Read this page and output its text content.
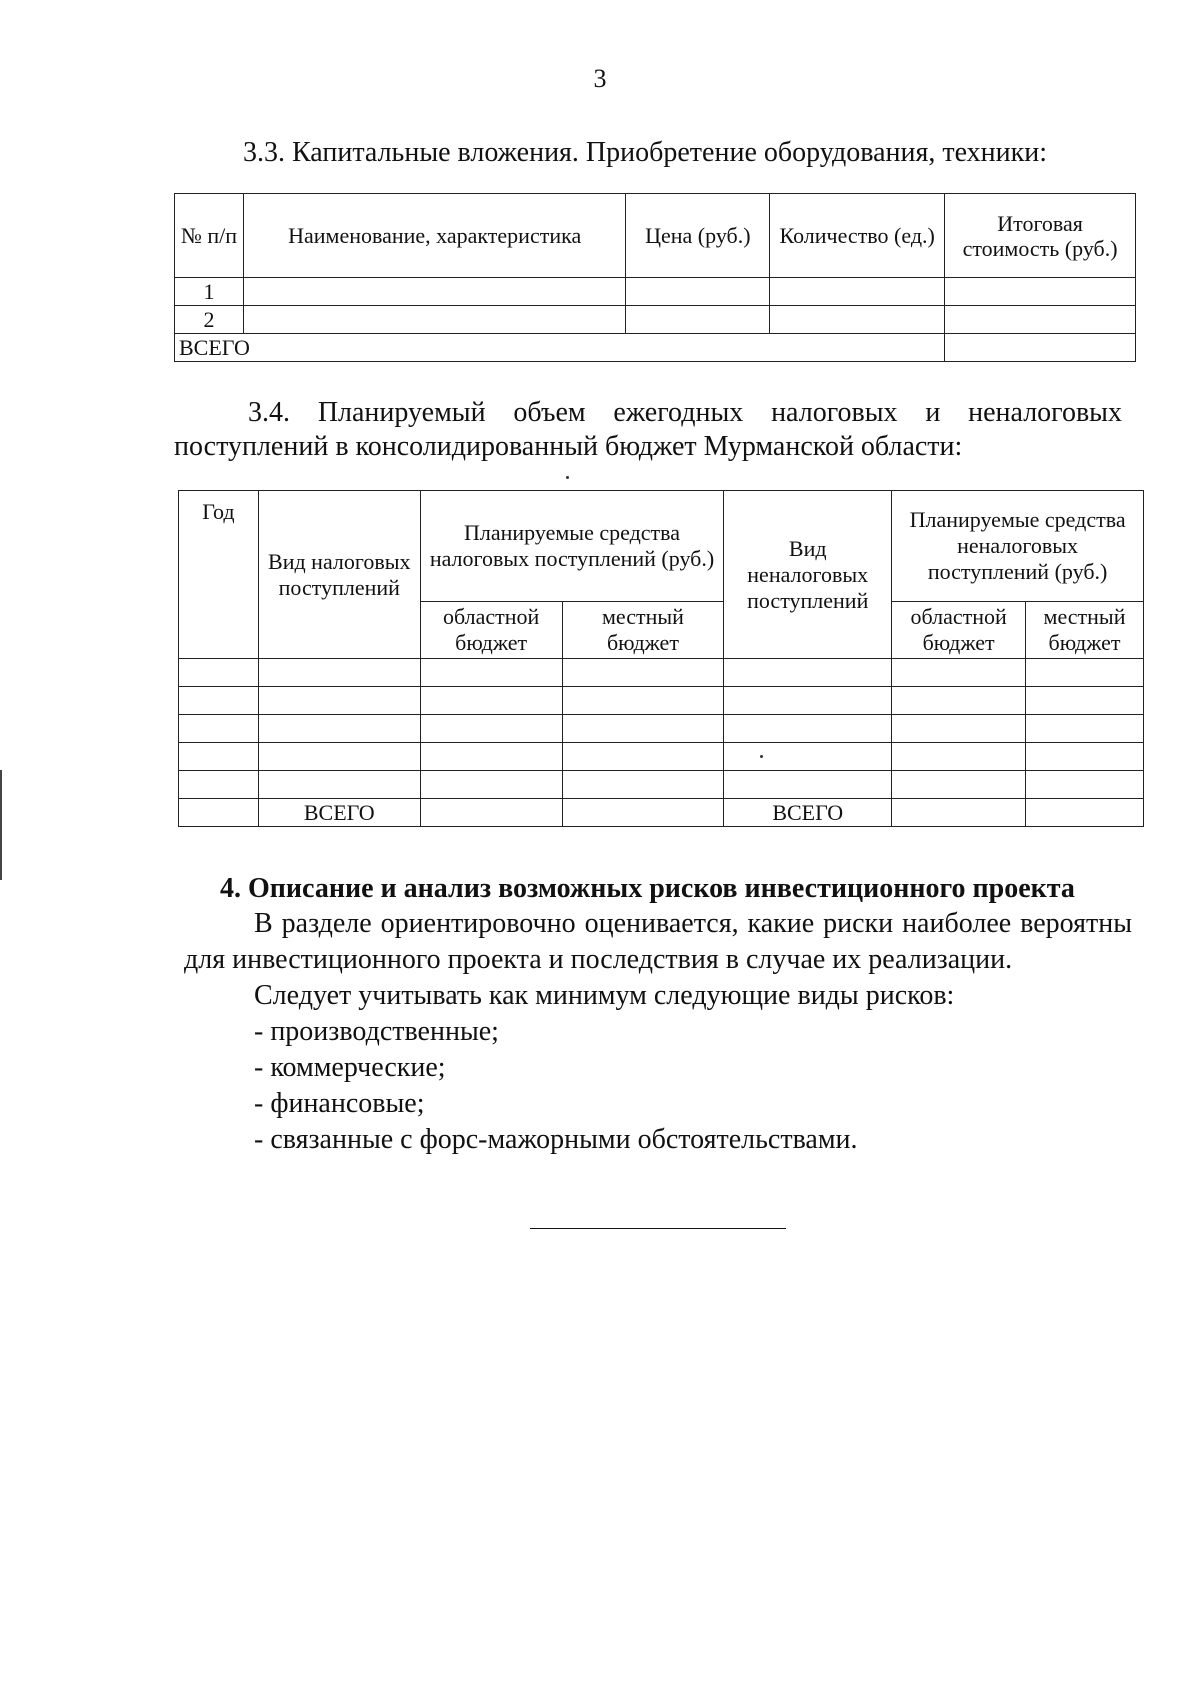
3
3.3. Капитальные вложения. Приобретение оборудования, техники:
№ п/п	Наименование, характеристика	Цена (руб.)	Количество (ед.)	Итоговая стоимость (руб.)
1				
2				
ВСЕГО				
3.4. Планируемый объем ежегодных налоговых и неналоговых поступлений в консолидированный бюджет Мурманской области:
Год	Вид налоговых поступлений	Планируемые средства налоговых поступлений (руб.)		Вид неналоговых поступлений	Планируемые средства неналоговых поступлений (руб.)	
		областной бюджет	местный бюджет		областной бюджет	местный бюджет

	ВСЕГО			ВСЕГО		
4. Описание и анализ возможных рисков инвестиционного проекта

В разделе ориентировочно оценивается, какие риски наиболее вероятны для инвестиционного проекта и последствия в случае их реализации.

Следует учитывать как минимум следующие виды рисков:

- производственные;

- коммерческие;

- финансовые;

- связанные с форс-мажорными обстоятельствами.
